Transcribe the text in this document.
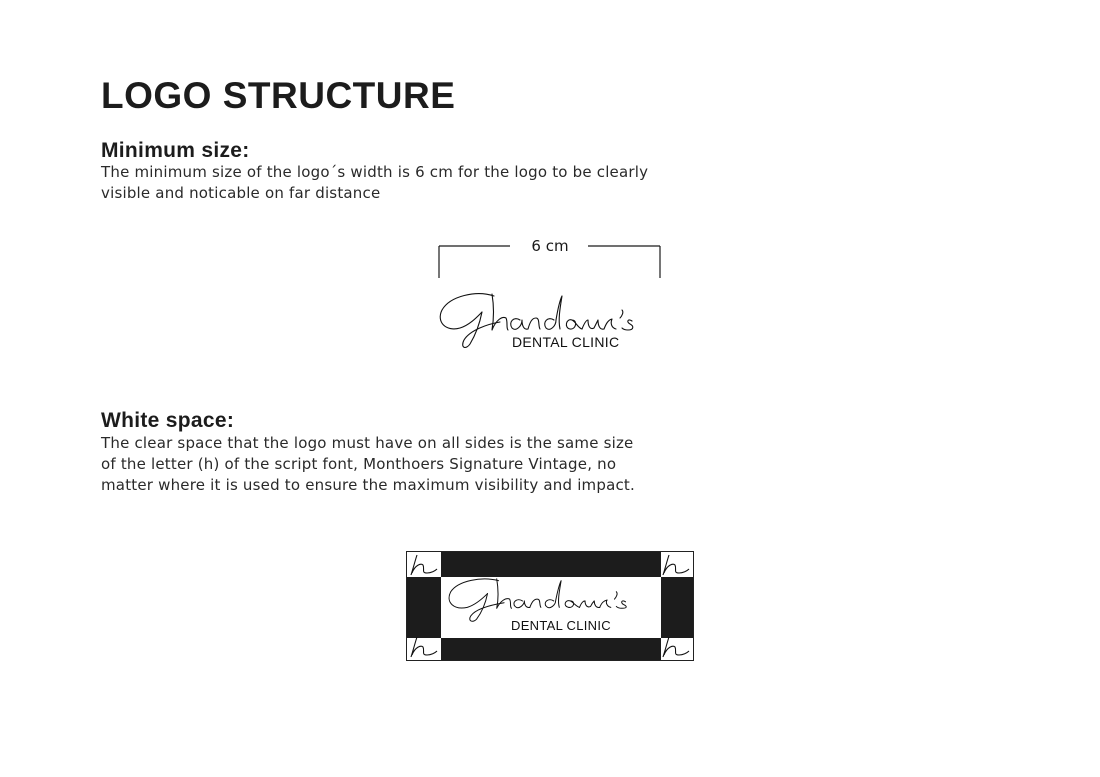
LOGO STRUCTURE
Minimum size:

The minimum size of the logo´s width is 6 cm for the logo to be clearly
visible and noticable on far distance

6 cm
DENTAL CLINIC
White space:

The clear space that the logo must have on all sides is the same size
of the letter (h) of the script font, Monthoers Signature Vintage, no
matter where it is used to ensure the maximum visibility and impact.

DENTAL CLINIC
